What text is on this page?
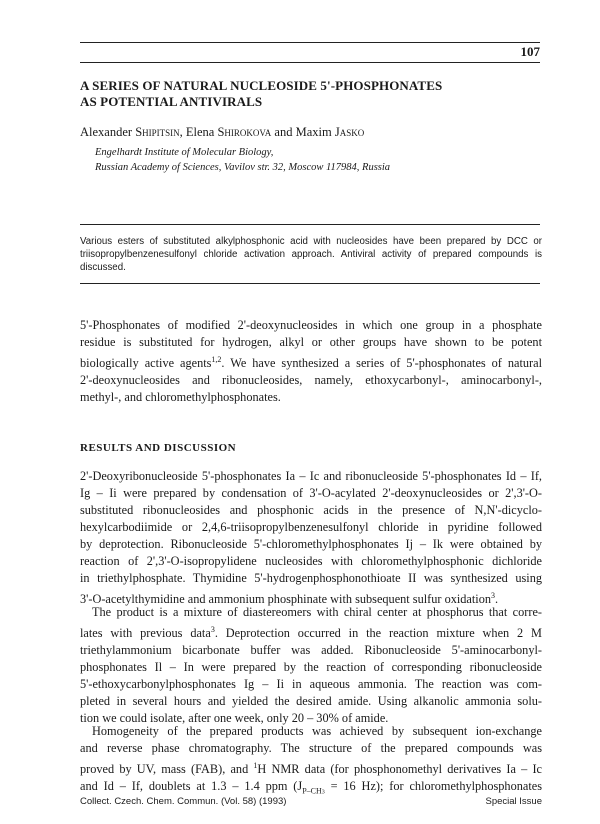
107
A SERIES OF NATURAL NUCLEOSIDE 5'-PHOSPHONATES
AS POTENTIAL ANTIVIRALS
Alexander Shipitsin, Elena Shirokova and Maxim Jasko
Engelhardt Institute of Molecular Biology,
Russian Academy of Sciences, Vavilov str. 32, Moscow 117984, Russia
Various esters of substituted alkylphosphonic acid with nucleosides have been prepared by DCC or
triisopropylbenzenesulfonyl chloride activation approach. Antiviral activity of prepared compounds is
discussed.
5'-Phosphonates of modified 2'-deoxynucleosides in which one group in a phosphate
residue is substituted for hydrogen, alkyl or other groups have shown to be potent
biologically active agents$^{1,2}$. We have synthesized a series of 5'-phosphonates of natural
2'-deoxynucleosides and ribonucleosides, namely, ethoxycarbonyl-, aminocarbonyl-,
methyl-, and chloromethylphosphonates.
RESULTS AND DISCUSSION
2'-Deoxyribonucleoside 5'-phosphonates Ia – Ic and ribonucleoside 5'-phosphonates Id – If,
Ig – Ii were prepared by condensation of 3'-O-acylated 2'-deoxynucleosides or 2',3'-O-
substituted ribonucleosides and phosphonic acids in the presence of N,N'-dicyclo-
hexylcarbodiimide or 2,4,6-triisopropylbenzenesulfonyl chloride in pyridine followed
by deprotection. Ribonucleoside 5'-chloromethylphosphonates Ij – Ik were obtained by
reaction of 2',3'-O-isopropylidene nucleosides with chloromethylphosphonic dichloride
in triethylphosphate. Thymidine 5'-hydrogenphosphonothioate II was synthesized using
3'-O-acetylthymidine and ammonium phosphinate with subsequent sulfur oxidation$^3$.
The product is a mixture of diastereomers with chiral center at phosphorus that corre-
lates with previous data$^3$. Deprotection occurred in the reaction mixture when 2 M
triethylammonium bicarbonate buffer was added. Ribonucleoside 5'-aminocarbonyl-
phosphonates Il – In were prepared by the reaction of corresponding ribonucleoside
5'-ethoxycarbonylphosphonates Ig – Ii in aqueous ammonia. The reaction was com-
pleted in several hours and yielded the desired amide. Using alkanolic ammonia solu-
tion we could isolate, after one week, only 20 – 30% of amide.
Homogeneity of the prepared products was achieved by subsequent ion-exchange
and reverse phase chromatography. The structure of the prepared compounds was
proved by UV, mass (FAB), and $^1$H NMR data (for phosphonomethyl derivatives Ia – Ic
and Id – If, doublets at 1.3 – 1.4 ppm ($J_{P-CH3} = 16$ Hz); for chloromethylphosphonates
Collect. Czech. Chem. Commun. (Vol. 58) (1993)	Special Issue
